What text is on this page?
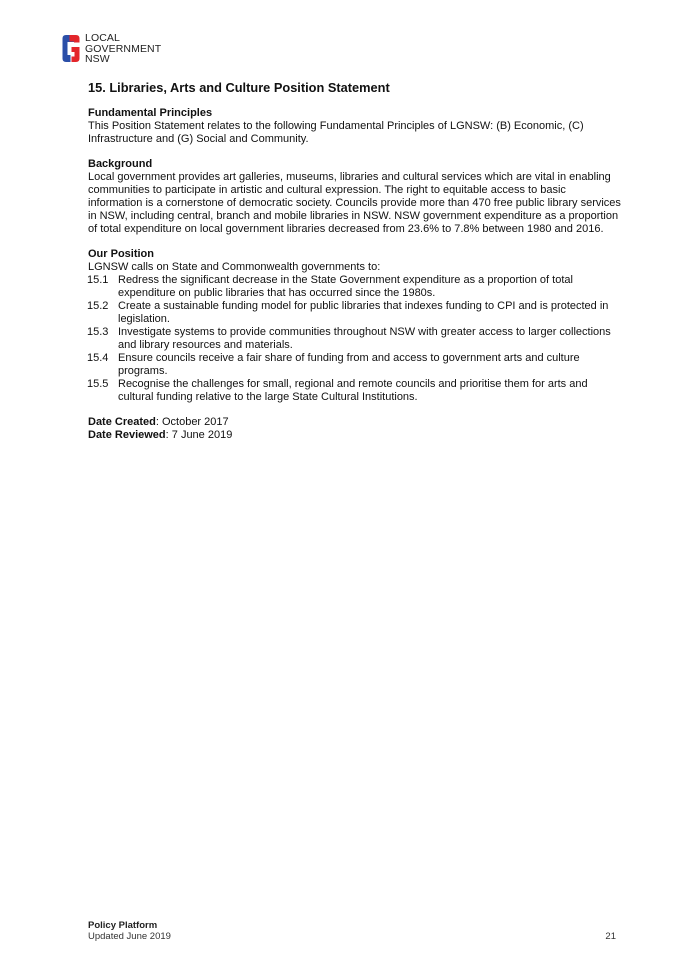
LOCAL
GOVERNMENT
NSW
15. Libraries, Arts and Culture Position Statement

Fundamental Principles

This Position Statement relates to the following Fundamental Principles of LGNSW: (B) Economic, (C) Infrastructure and (G) Social and Community.

Background

Local government provides art galleries, museums, libraries and cultural services which are vital in enabling communities to participate in artistic and cultural expression. The right to equitable access to basic information is a cornerstone of democratic society. Councils provide more than 470 free public library services in NSW, including central, branch and mobile libraries in NSW. NSW government expenditure as a proportion of total expenditure on local government libraries decreased from 23.6% to 7.8% between 1980 and 2016.

Our Position

LGNSW calls on State and Commonwealth governments to:

15.1 Redress the significant decrease in the State Government expenditure as a proportion of total expenditure on public libraries that has occurred since the 1980s.
15.2 Create a sustainable funding model for public libraries that indexes funding to CPI and is protected in legislation.
15.3 Investigate systems to provide communities throughout NSW with greater access to larger collections and library resources and materials.
15.4 Ensure councils receive a fair share of funding from and access to government arts and culture programs.
15.5 Recognise the challenges for small, regional and remote councils and prioritise them for arts and cultural funding relative to the large State Cultural Institutions.

Date Created: October 2017

Date Reviewed: 7 June 2019

Policy Platform
Updated June 2019	21
